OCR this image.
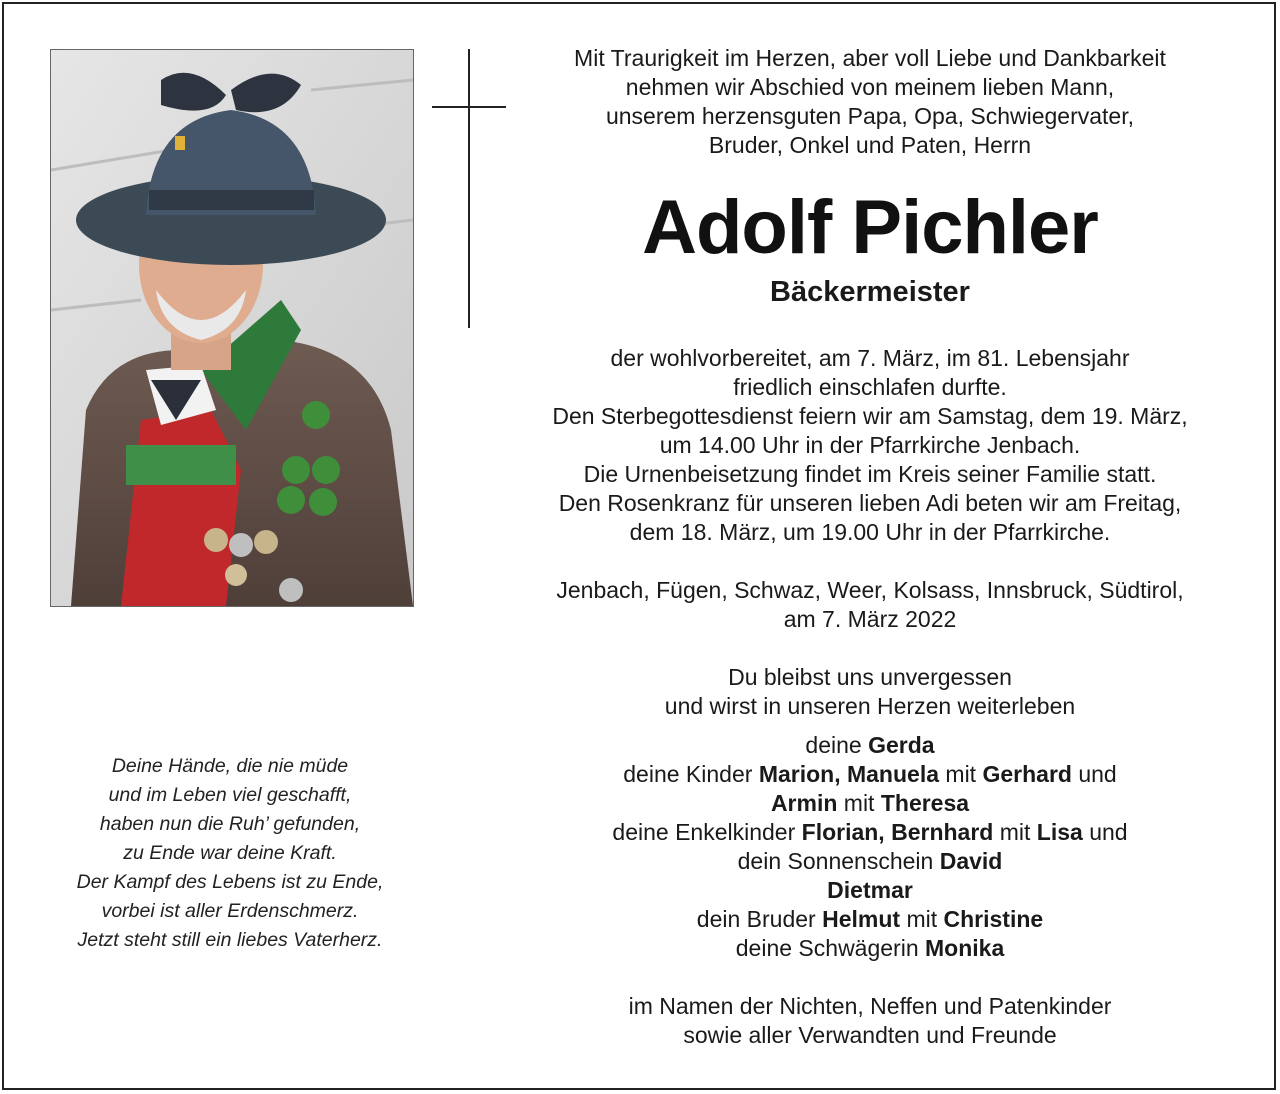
Mit Traurigkeit im Herzen, aber voll Liebe und Dankbarkeit
nehmen wir Abschied von meinem lieben Mann,
unserem herzensguten Papa, Opa, Schwiegervater,
Bruder, Onkel und Paten, Herrn
Adolf Pichler
Bäckermeister
der wohlvorbereitet, am 7. März, im 81. Lebensjahr
friedlich einschlafen durfte.
Den Sterbegottesdienst feiern wir am Samstag, dem 19. März,
um 14.00 Uhr in der Pfarrkirche Jenbach.
Die Urnenbeisetzung findet im Kreis seiner Familie statt.
Den Rosenkranz für unseren lieben Adi beten wir am Freitag,
dem 18. März, um 19.00 Uhr in der Pfarrkirche.
Jenbach, Fügen, Schwaz, Weer, Kolsass, Innsbruck, Südtirol,
am 7. März 2022
Du bleibst uns unvergessen
und wirst in unseren Herzen weiterleben
deine Gerda
deine Kinder Marion, Manuela mit Gerhard und
Armin mit Theresa
deine Enkelkinder Florian, Bernhard mit Lisa und
dein Sonnenschein David
Dietmar
dein Bruder Helmut mit Christine
deine Schwägerin Monika
im Namen der Nichten, Neffen und Patenkinder
sowie aller Verwandten und Freunde
Deine Hände, die nie müde
und im Leben viel geschafft,
haben nun die Ruh’ gefunden,
zu Ende war deine Kraft.
Der Kampf des Lebens ist zu Ende,
vorbei ist aller Erdenschmerz.
Jetzt steht still ein liebes Vaterherz.
